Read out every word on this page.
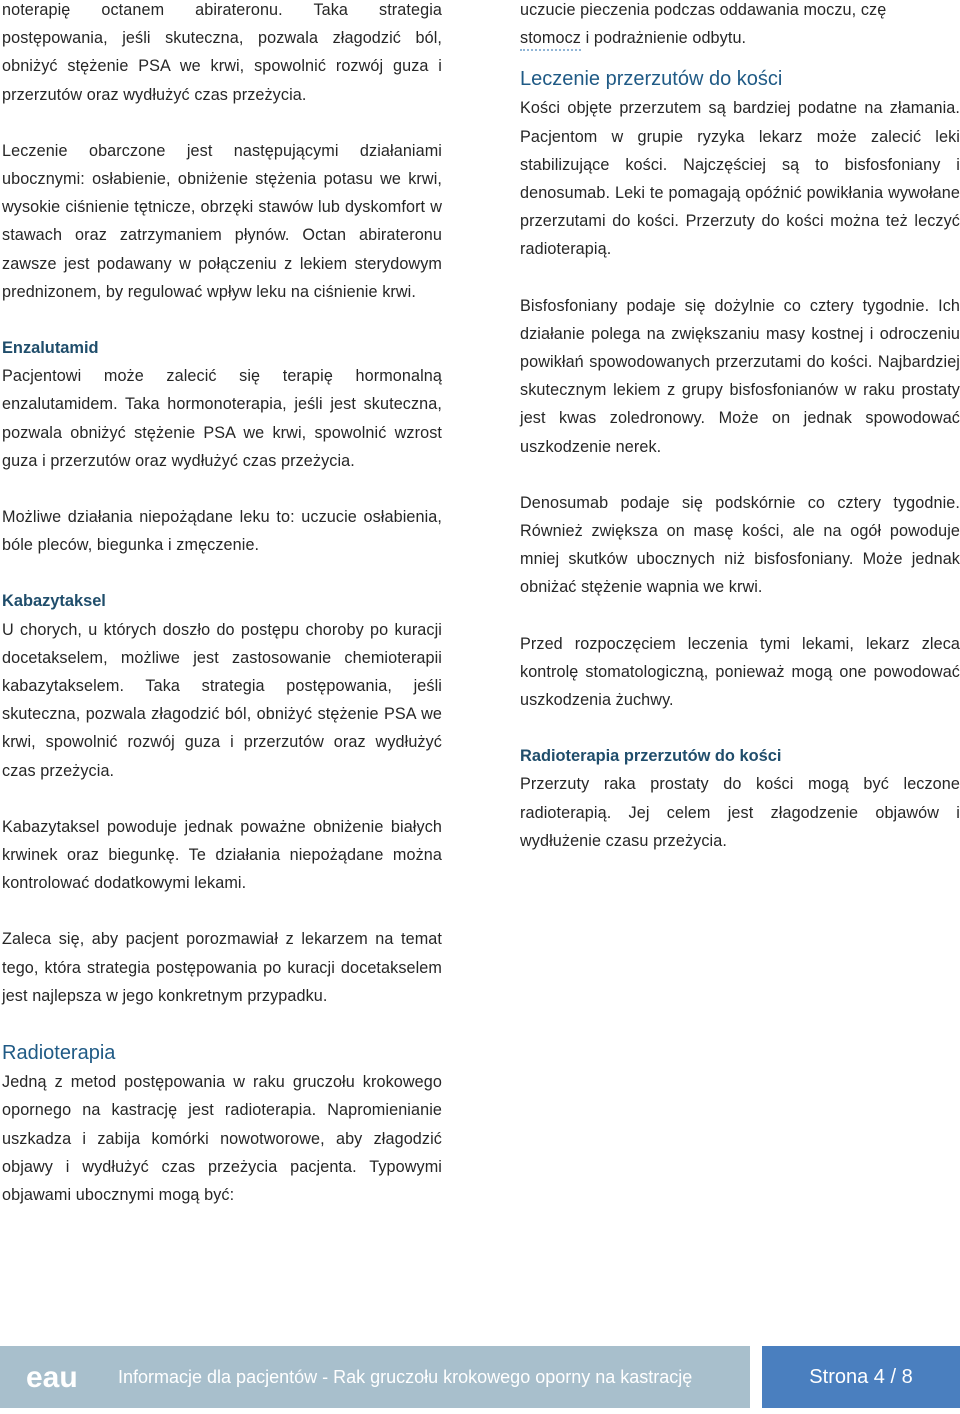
noterapię octanem abirateronu. Taka strategia postępowania, jeśli skuteczna, pozwala złagodzić ból, obniżyć stężenie PSA we krwi, spowolnić rozwój guza i przerzutów oraz wydłużyć czas przeżycia.

Leczenie obarczone jest następującymi działaniami ubocznymi: osłabienie, obniżenie stężenia potasu we krwi, wysokie ciśnienie tętnicze, obrzęki stawów lub dyskomfort w stawach oraz zatrzymaniem płynów. Octan abirateronu zawsze jest podawany w połączeniu z lekiem sterydowym prednizonem, by regulować wpływ leku na ciśnienie krwi.

Enzalutamid

Pacjentowi może zalecić się terapię hormonalną enzalutamidem. Taka hormonoterapia, jeśli jest skuteczna, pozwala obniżyć stężenie PSA we krwi, spowolnić wzrost guza i przerzutów oraz wydłużyć czas przeżycia.

Możliwe działania niepożądane leku to: uczucie osłabienia, bóle pleców, biegunka i zmęczenie.

Kabazytaksel

U chorych, u których doszło do postępu choroby po kuracji docetakselem, możliwe jest zastosowanie chemioterapii kabazytakselem. Taka strategia postępowania, jeśli skuteczna, pozwala złagodzić ból, obniżyć stężenie PSA we krwi, spowolnić rozwój guza i przerzutów oraz wydłużyć czas przeżycia.

Kabazytaksel powoduje jednak poważne obniżenie białych krwinek oraz biegunkę. Te działania niepożądane można kontrolować dodatkowymi lekami.

Zaleca się, aby pacjent porozmawiał z lekarzem na temat tego, która strategia postępowania po kuracji docetakselem jest najlepsza w jego konkretnym przypadku.

Radioterapia

Jedną z metod postępowania w raku gruczołu krokowego opornego na kastrację jest radioterapia. Napromienianie uszkadza i zabija komórki nowotworowe, aby złagodzić objawy i wydłużyć czas przeżycia pacjenta. Typowymi objawami ubocznymi mogą być:

uczucie pieczenia podczas oddawania moczu, czę
stomocz i podrażnienie odbytu.

Leczenie przerzutów do kości

Kości objęte przerzutem są bardziej podatne na złamania. Pacjentom w grupie ryzyka lekarz może zalecić leki stabilizujące kości. Najczęściej są to bisfosfoniany i denosumab. Leki te pomagają opóźnić powikłania wywołane przerzutami do kości. Przerzuty do kości można też leczyć radioterapią.

Bisfosfoniany podaje się dożylnie co cztery tygodnie. Ich działanie polega na zwiększaniu masy kostnej i odroczeniu powikłań spowodowanych przerzutami do kości. Najbardziej skutecznym lekiem z grupy bisfosfonianów w raku prostaty jest kwas zoledronowy. Może on jednak spowodować uszkodzenie nerek.

Denosumab podaje się podskórnie co cztery tygodnie. Również zwiększa on masę kości, ale na ogół powoduje mniej skutków ubocznych niż bisfosfoniany. Może jednak obniżać stężenie wapnia we krwi.

Przed rozpoczęciem leczenia tymi lekami, lekarz zleca kontrolę stomatologiczną, ponieważ mogą one powodować uszkodzenia żuchwy.

Radioterapia przerzutów do kości

Przerzuty raka prostaty do kości mogą być leczone radioterapią. Jej celem jest złagodzenie objawów i wydłużenie czasu przeżycia.

eau Informacje dla pacjentów - Rak gruczołu krokowego oporny na kastrację	Strona 4 / 8
